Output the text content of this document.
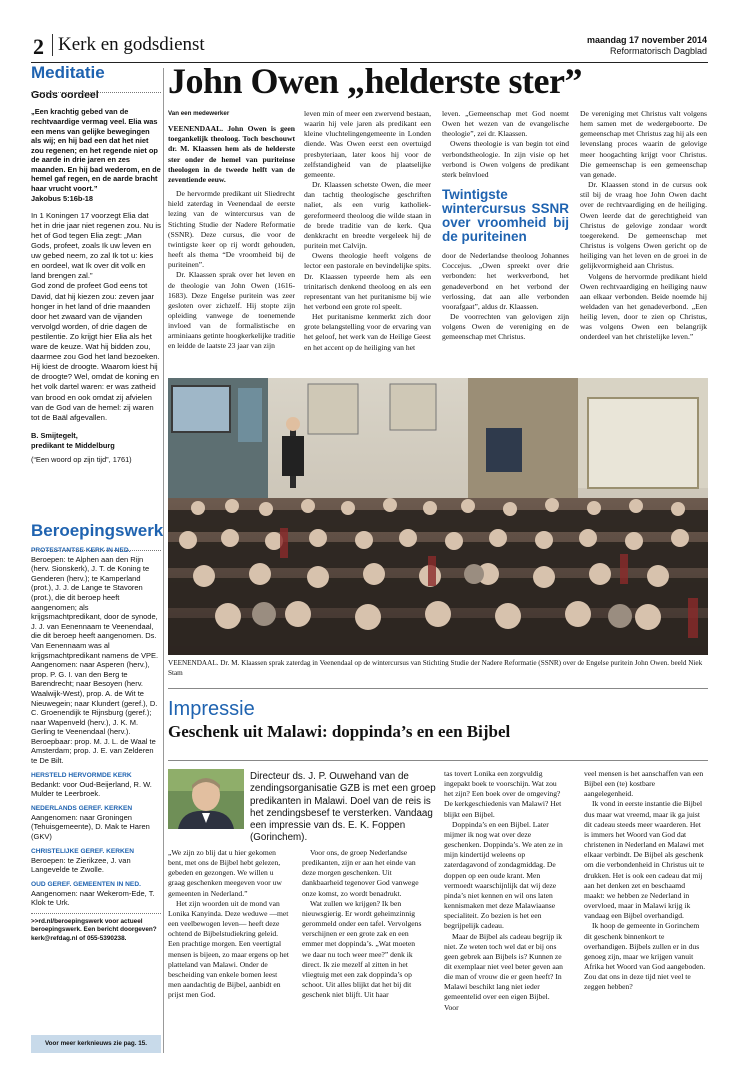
2 Kerk en godsdienst	maandag 17 november 2014
Reformatorisch Dagblad
Meditatie
Gods oordeel

„Een krachtig gebed van de rechtvaardige vermag veel. Elia was een mens van gelijke bewegingen als wij; en hij bad een dat het niet zou regenen; en het regende niet op de aarde in drie jaren en zes maanden. En hij bad wederom, en de hemel gaf regen, en de aarde bracht haar vrucht voort.”

Jakobus 5:16b-18

In 1 Koningen 17 voorzegt Elia dat het in drie jaar niet regenen zou. Nu is het of God tegen Elia zegt: „Man Gods, profeet, zoals Ik uw leven en uw gebed neem, zo zal Ik tot u: kies en oordeel, wat Ik over dit volk en land brengen zal.”

God zond de profeet God eens tot David, dat hij kiezen zou: zeven jaar honger in het land of drie maanden door het zwaard van de vijanden vervolgd worden, of drie dagen de pestilentie. Zo krijgt hier Elia als het ware de keuze. Wat hij bidden zou, daarmee zou God het land bezoeken. Hij kiest de droogte. Waarom kiest hij de droogte? Wel, omdat de koning en het volk dartel waren: er was zatheid van brood en ook omdat zij afvielen van de God van de hemel: zij waren tot de Baäl afgevallen.

B. Smijtegelt,

predikant te Middelburg

(“Een woord op zijn tijd”, 1761)

Beroepingswerk

PROTESTANTSE KERK IN NED.

Beroepen: te Alphen aan den Rijn (herv. Sionskerk), J. T. de Koning te Genderen (herv.); te Kamperland (prot.), J. J. de Lange te Stavoren (prot.), die dit beroep heeft aangenomen; als krijgsmachtpredikant, door de synode, J. J. van Eenennaam te Veenendaal, die dit beroep heeft aangenomen. Ds. Van Eenennaam was al krijgsmachtpredikant namens de VPE. Aangenomen: naar Asperen (herv.), prop. P. G. I. van den Berg te Barendrecht; naar Besoyen (herv. Waalwijk-West), prop. A. de Wit te Nieuwegein; naar Klundert (geref.), D. C. Groenendijk te Rijnsburg (geref.); naar Wapenveld (herv.), J. K. M. Gerling te Veenendaal (herv.). Beroepbaar: prop. M. J. L. de Waal te Amsterdam; prop. J. E. van Zelderen te De Bilt.

HERSTELD HERVORMDE KERK

Bedankt: voor Oud-Beijerland, R. W. Mulder te Leerbroek.

NEDERLANDS GEREF. KERKEN

Aangenomen: naar Groningen (Tehuisgemeente), D. Mak te Haren (GKV)

CHRISTELIJKE GEREF. KERKEN

Beroepen: te Zierikzee, J. van Langevelde te Zwolle.

OUD GEREF. GEMEENTEN IN NED.

Aangenomen: naar Wekerom-Ede, T. Klok te Urk.

>>rd.nl/beroepingswerk voor actueel beroepingswerk. Een bericht doorgeven? kerk@refdag.nl of 055-5390238.

Voor meer kerknieuws zie pag. 15.
John Owen „helderste ster”

Van een medewerker

VEENENDAAL. John Owen is geen toegankelijk theoloog. Toch beschouwt dr. M. Klaassen hem als de helderste ster onder de hemel van puriteinse theologen in de tweede helft van de zeventiende eeuw.

De hervormde predikant uit Sliedrecht hield zaterdag in Veenendaal de eerste lezing van de wintercursus van de Stichting Studie der Nadere Reformatie (SSNR). Deze cursus, die voor de twintigste keer op rij wordt gehouden, heeft als thema “De vroomheid bij de puriteinen”.

Dr. Klaassen sprak over het leven en de theologie van John Owen (1616-1683). Deze Engelse puritein was zeer gesloten over zichzelf. Hij stopte zijn opleiding vanwege de toenemende invloed van de formalistische en arminiaans getinte hoogkerkelijke traditie en leidde de laatste 23 jaar van zijn

leven min of meer een zwervend bestaan, waarin hij vele jaren als predikant een kleine vluchtelingengemeente in Londen diende. Was Owen eerst een overtuigd presbyteriaan, later koos hij voor de zelfstandigheid van de plaatselijke gemeente.

Dr. Klaassen schetste Owen, die meer dan tachtig theologische geschriften naliet, als een vurig katholiek-gereformeerd theoloog die wilde staan in de brede traditie van de kerk. Qua denkkracht en breedte vergeleek hij de puritein met Calvijn.

Owens theologie heeft volgens de lector een pastorale en bevindelijke spits. Dr. Klaassen typeerde hem als een trinitarisch denkend theoloog en als een representant van het puritanisme bij wie het verbond een grote rol speelt.

Het puritanisme kenmerkt zich door grote belangstelling voor de ervaring van het geloof, het werk van de Heilige Geest en het accent op de heiliging van het

leven. „Gemeenschap met God noemt Owen het wezen van de evangelische theologie”, zei dr. Klaassen.

Owens theologie is van begin tot eind verbondstheologie. In zijn visie op het verbond is Owen volgens de predikant sterk beïnvloed

Twintigste wintercursus SSNR over vroomheid bij de puriteinen

door de Nederlandse theoloog Johannes Coccejus. „Owen spreekt over drie verbonden: het werkverbond, het genadeverbond en het verbond der verlossing, dat aan alle verbonden voorafgaat”, aldus dr. Klaassen.

De voorrechten van gelovigen zijn volgens Owen de vereniging en de gemeenschap met Christus.

De vereniging met Christus valt volgens hem samen met de wedergeboorte. De gemeenschap met Christus zag hij als een levenslang proces waarin de gelovige meer hoogachting krijgt voor Christus. Die gemeenschap is een gemeenschap van genade.

Dr. Klaassen stond in de cursus ook stil bij de vraag hoe John Owen dacht over de rechtvaardiging en de heiliging. Owen leerde dat de gerechtigheid van Christus de gelovige zondaar wordt toegerekend. De gemeenschap met Christus is volgens Owen gericht op de heiliging van het leven en de groei in de gelijkvormigheid aan Christus.

Volgens de hervormde predikant hield Owen rechtvaardiging en heiliging nauw aan elkaar verbonden. Beide noemde hij weldaden van het genadeverbond. „Een heilig leven, door te zien op Christus, was volgens Owen een belangrijk onderdeel van het christelijke leven.”

VEENENDAAL. Dr. M. Klaassen sprak zaterdag in Veenendaal op de wintercursus van Stichting Studie der Nadere Reformatie (SSNR) over de Engelse puritein John Owen. beeld Niek Stam

Impressie
Geschenk uit Malawi: doppinda’s en een Bijbel
Directeur ds. J. P. Ouwehand van de zendingsorganisatie GZB is met een groep predikanten in Malawi. Doel van de reis is het zendingsbesef te versterken. Vandaag een impressie van ds. E. K. Foppen (Gorinchem).

„We zijn zo blij dat u hier gekomen bent, met ons de Bijbel hebt gelezen, gebeden en gezongen. We willen u graag geschenken meegeven voor uw gemeenten in Nederland.”

Het zijn woorden uit de mond van Lonika Kanyinda. Deze weduwe —met een veelbewogen leven— heeft deze ochtend de Bijbelstudiekring geleid. Een prachtige morgen. Een veertigtal mensen is bijeen, zo maar ergens op het platteland van Malawi. Onder de bescheiding van enkele bomen leest men aandachtig de Bijbel, aanbidt en prijst men God.

Voor ons, de groep Nederlandse predikanten, zijn er aan het einde van deze morgen geschenken. Uit dankbaarheid tegenover God vanwege onze komst, zo wordt benadrukt.

Wat zullen we krijgen? Ik ben nieuwsgierig. Er wordt geheimzinnig gerommeld onder een tafel. Vervolgens verschijnen er een grote zak en een emmer met doppinda’s. „Wat moeten we daar nu toch weer mee?” denk ik direct. Ik zie mezelf al zitten in het vliegtuig met een zak doppinda’s op schoot. Uit alles blijkt dat het bij dit geschenk niet blijft. Uit haar

tas tovert Lonika een zorgvuldig ingepakt boek te voorschijn. Wat zou het zijn? Een boek over de omgeving? De kerkgeschiedenis van Malawi? Het blijkt een Bijbel.

Doppinda’s en een Bijbel. Later mijmer ik nog wat over deze geschenken. Doppinda’s. We aten ze in mijn kindertijd weleens op zaterdagavond of zondagmiddag. De doppen op een oude krant. Men vermoedt waarschijnlijk dat wij deze pinda’s niet kennen en wil ons laten kennismaken met deze Malawiaanse specialiteit. Zo bezien is het een begrijpelijk cadeau.

Maar de Bijbel als cadeau begrijp ik niet. Ze weten toch wel dat er bij ons geen gebrek aan Bijbels is? Kunnen ze dit exemplaar niet veel beter geven aan die man of vrouw die er geen heeft? In Malawi beschikt lang niet ieder gemeentelid over een eigen Bijbel. Voor

veel mensen is het aanschaffen van een Bijbel een (te) kostbare aangelegenheid.

Ik vond in eerste instantie die Bijbel dus maar wat vreemd, maar ik ga juist dit cadeau steeds meer waarderen. Het is immers het Woord van God dat christenen in Nederland en Malawi met elkaar verbindt. De Bijbel als geschenk om die verbondenheid in Christus uit te drukken. Het is ook een cadeau dat mij aan het denken zet en beschaamd maakt: we hebben ze Nederland in overvloed, maar in Malawi krijg ik vandaag een Bijbel overhandigd.

Ik hoop de gemeente in Gorinchem dit geschenk binnenkort te overhandigen. Bijbels zullen er in dus genoeg zijn, maar we krijgen vanuit Afrika het Woord van God aangeboden. Zou dat ons in deze tijd niet veel te zeggen hebben?
